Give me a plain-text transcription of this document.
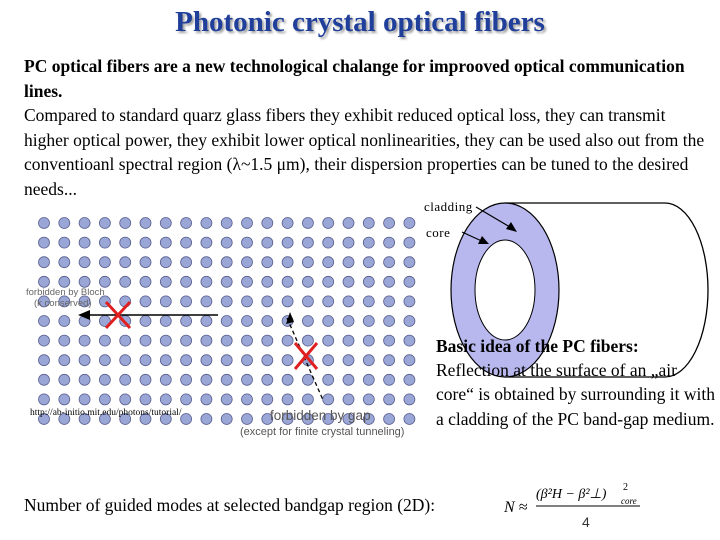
Photonic crystal optical fibers
PC optical fibers are a new technological chalange for improoved optical communication lines.
Compared to standard quarz glass fibers they exhibit reduced optical loss, they can transmit higher optical power, they exhibit lower optical nonlinearities, they can be used also out from the conventioanl spectral region (λ~1.5 μm), their dispersion properties can be tuned to the desired needs...
forbidden by Bloch
(k conserved)
forbidden by gap
(except for finite crystal tunneling)
http://ab-initio.mit.edu/photons/tutorial/
cladding
core
Basic idea of the PC fibers:
Reflection at the surface of an „air core“ is obtained by surrounding it with a cladding of the PC band-gap medium.
Number of guided modes at selected bandgap region (2D):	N ≈
(β²H − β²⊥) 2
core
4
